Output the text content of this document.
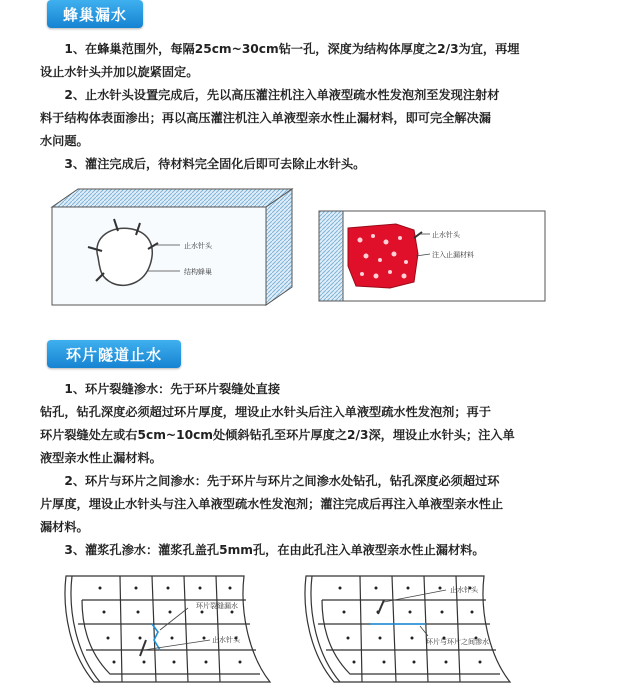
蜂巢漏水
　　1、在蜂巢范围外，每隔25cm~30cm钻一孔，深度为结构体厚度之2/3为宜，再埋
设止水针头并加以旋紧固定。
　　2、止水针头设置完成后，先以高压灌注机注入单液型疏水性发泡剂至发现注射材
料于结构体表面渗出；再以高压灌注机注入单液型亲水性止漏材料，即可完全解决漏
水问题。
　　3、灌注完成后，待材料完全固化后即可去除止水针头。
止水针头
结构蜂巢
止水针头
注入止漏材料
环片隧道止水
　　1、环片裂缝渗水：先于环片裂缝处直接
钻孔，钻孔深度必须超过环片厚度，埋设止水针头后注入单液型疏水性发泡剂；再于
环片裂缝处左或右5cm~10cm处倾斜钻孔至环片厚度之2/3深，埋设止水针头；注入单
液型亲水性止漏材料。
　　2、环片与环片之间渗水：先于环片与环片之间渗水处钻孔，钻孔深度必须超过环
片厚度，埋设止水针头与注入单液型疏水性发泡剂；灌注完成后再注入单液型亲水性止
漏材料。
　　3、灌浆孔渗水：灌浆孔盖孔5mm孔，在由此孔注入单液型亲水性止漏材料。
环片裂缝漏水
止水针头
止水针头
环片与环片之间渗水
